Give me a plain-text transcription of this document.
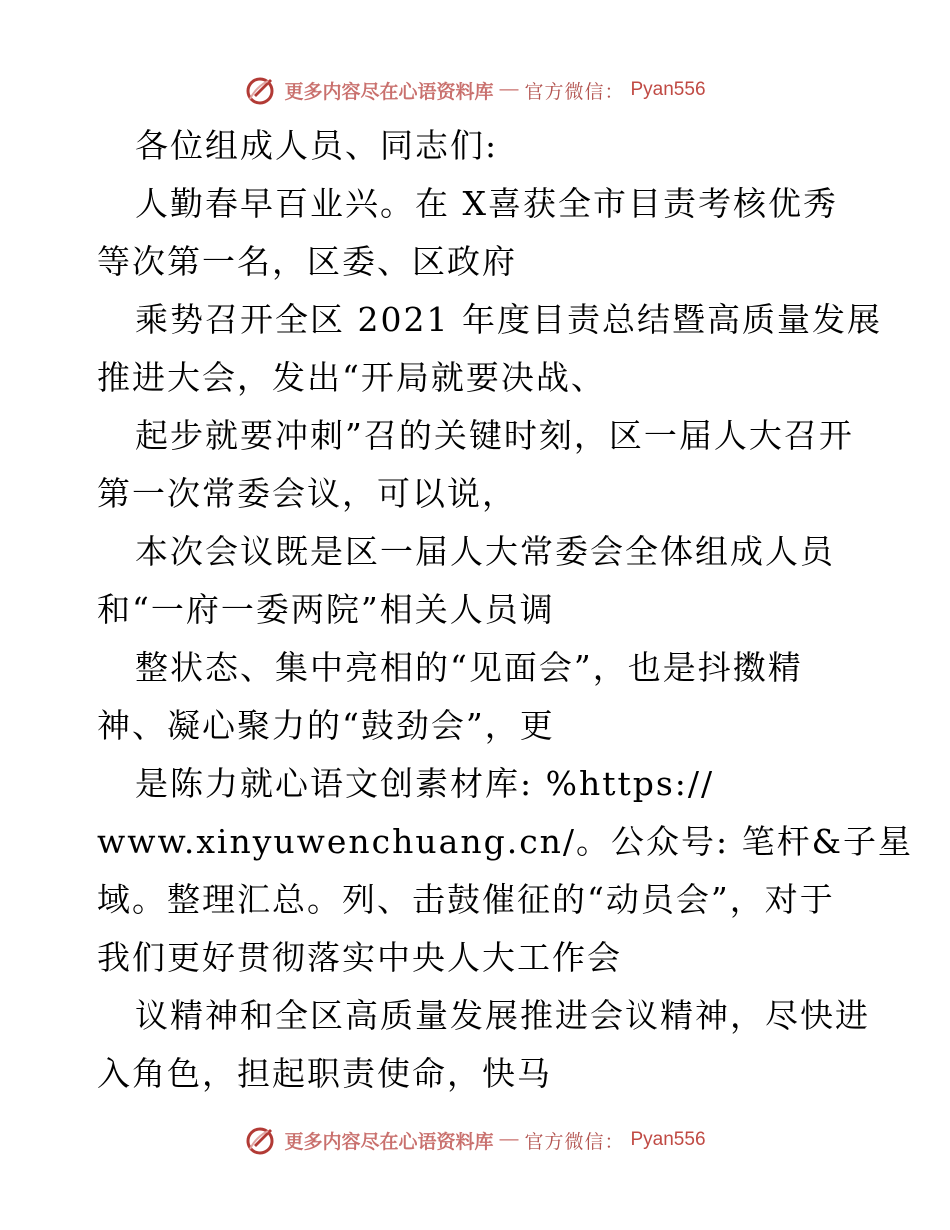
更多内容尽在心语资料库 — 官方微信： Pyan556
各位组成人员、同志们:
人勤春早百业兴。在 X喜获全市目责考核优秀
等次第一名，区委、区政府
乘势召开全区 2021 年度目责总结暨高质量发展
推进大会，发出“开局就要决战、
起步就要冲刺”召的关键时刻，区一届人大召开
第一次常委会议，可以说，
本次会议既是区一届人大常委会全体组成人员
和“一府一委两院”相关人员调
整状态、集中亮相的“见面会”，也是抖擞精
神、凝心聚力的“鼓劲会”，更
是陈力就心语文创素材库: %https://
www.xinyuwenchuang.cn/。公众号: 笔杆&子星
域。整理汇总。列、击鼓催征的“动员会”，对于
我们更好贯彻落实中央人大工作会
议精神和全区高质量发展推进会议精神，尽快进
入角色，担起职责使命，快马
更多内容尽在心语资料库 — 官方微信： Pyan556
